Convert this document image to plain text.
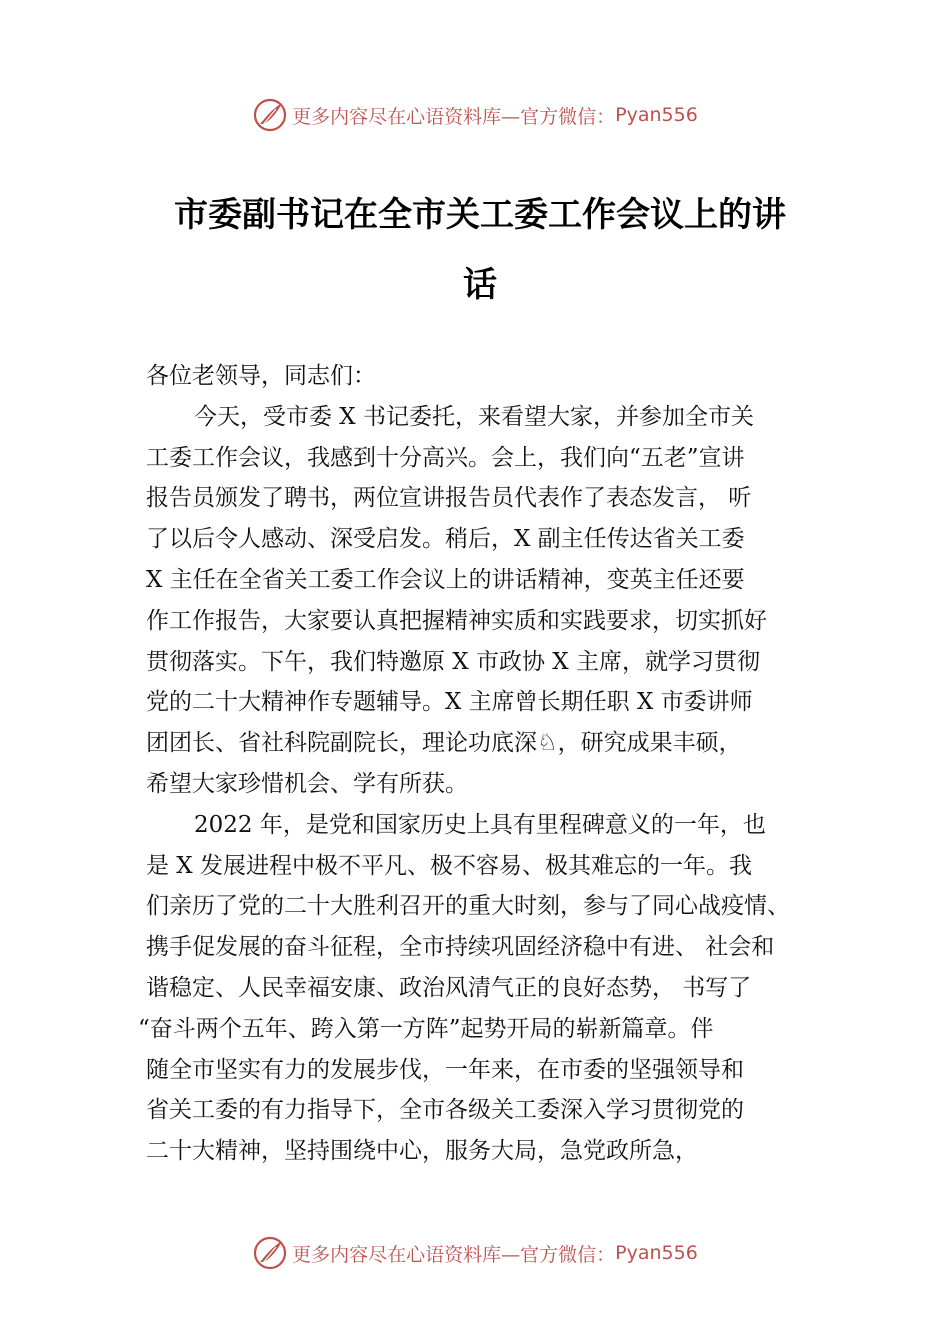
更多内容尽在心语资料库—官方微信： Pyan556
市委副书记在全市关工委工作会议上的讲
话
各位老领导，同志们：
今天，受市委 X 书记委托，来看望大家，并参加全市关
工委工作会议，我感到十分高兴。会上，我们向“五老”宣讲
报告员颁发了聘书，两位宣讲报告员代表作了表态发言， 听
了以后令人感动、深受启发。稍后，X 副主任传达省关工委
X 主任在全省关工委工作会议上的讲话精神，变英主任还要
作工作报告，大家要认真把握精神实质和实践要求，切实抓好
贯彻落实。下午，我们特邀原 X 市政协 X 主席，就学习贯彻
党的二十大精神作专题辅导。X 主席曾长期任职 X 市委讲师
团团长、省社科院副院长，理论功底深♘，研究成果丰硕，
希望大家珍惜机会、学有所获。
2022 年，是党和国家历史上具有里程碑意义的一年，也
是 X 发展进程中极不平凡、极不容易、极其难忘的一年。我
们亲历了党的二十大胜利召开的重大时刻，参与了同心战疫情、
携手促发展的奋斗征程，全市持续巩固经济稳中有进、 社会和
谐稳定、人民幸福安康、政治风清气正的良好态势， 书写了
“奋斗两个五年、跨入第一方阵”起势开局的崭新篇章。伴
随全市坚实有力的发展步伐，一年来，在市委的坚强领导和
省关工委的有力指导下，全市各级关工委深入学习贯彻党的
二十大精神，坚持围绕中心，服务大局，急党政所急，
更多内容尽在心语资料库—官方微信： Pyan556
